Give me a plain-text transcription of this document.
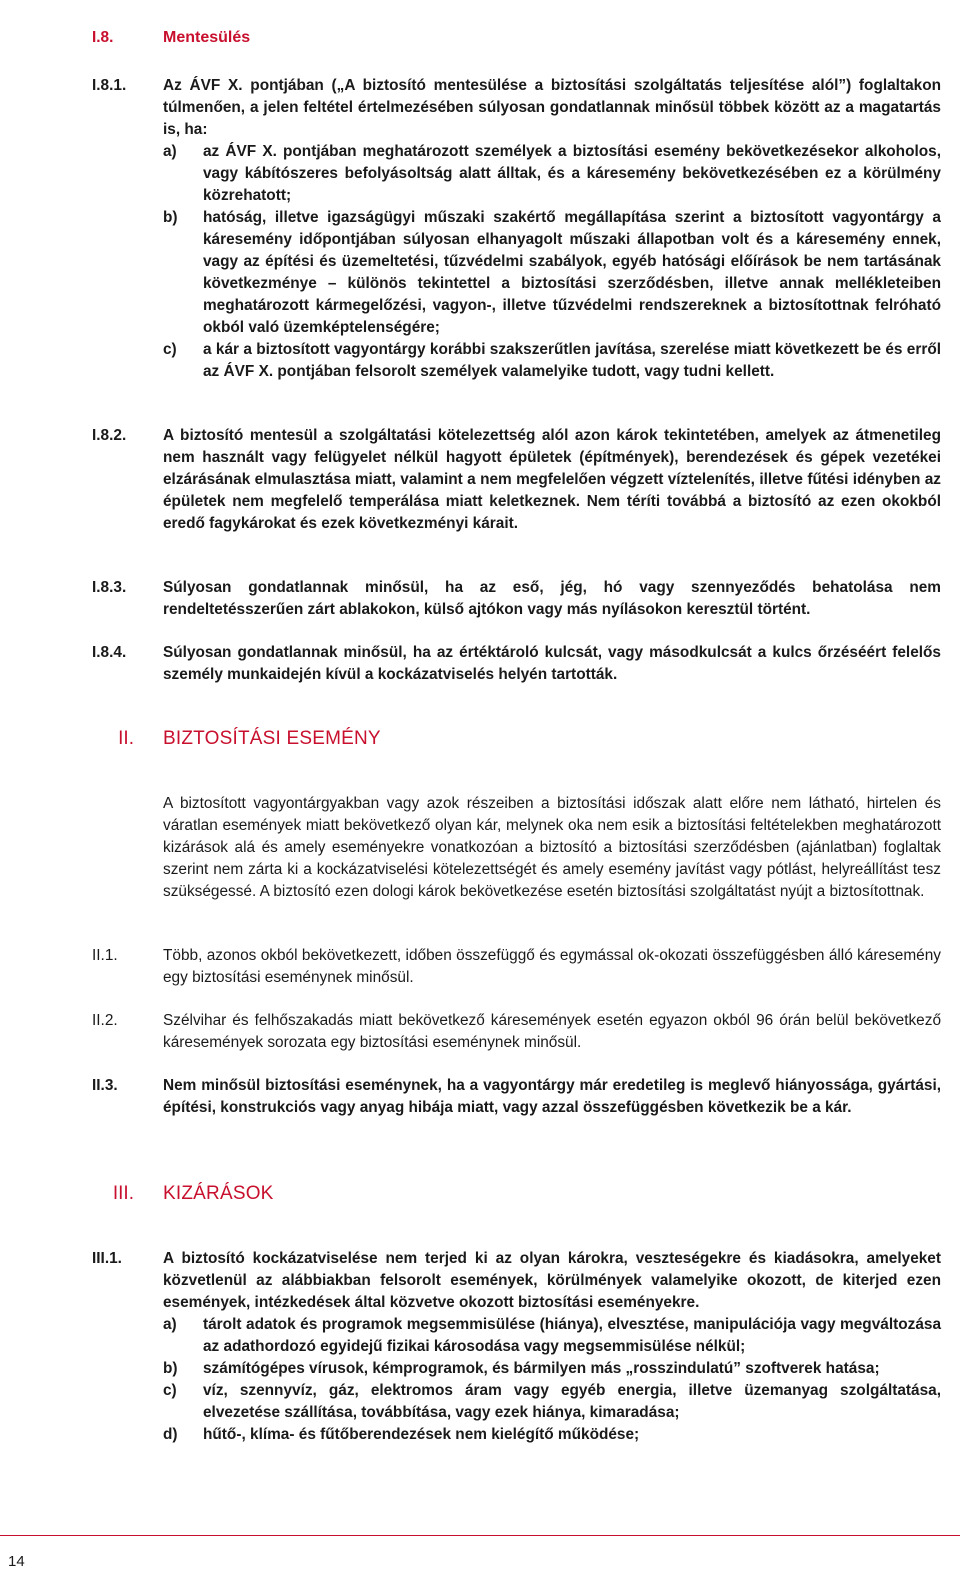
I.8.	Mentesülés
I.8.1.	Az ÁVF X. pontjában („A biztosító mentesülése a biztosítási szolgáltatás teljesítése alól”) foglaltakon túlmenően, a jelen feltétel értelmezésében súlyosan gondatlannak minősül többek között az a magatartás is, ha:
a) az ÁVF X. pontjában meghatározott személyek a biztosítási esemény bekövetkezésekor alkoholos, vagy kábítószeres befolyásoltság alatt álltak, és a káresemény bekövetkezésében ez a körülmény közrehatott;
b) hatóság, illetve igazságügyi műszaki szakértő megállapítása szerint a biztosított vagyontárgy a káresemény időpontjában súlyosan elhanyagolt műszaki állapotban volt és a káresemény ennek, vagy az építési és üzemeltetési, tűzvédelmi szabályok, egyéb hatósági előírások be nem tartásának következménye – különös tekintettel a biztosítási szerződésben, illetve annak mellékleteiben meghatározott kármegelőzési, vagyon-, illetve tűzvédelmi rendszereknek a biztosítottnak felróható okból való üzemképtelenségére;
c) a kár a biztosított vagyontárgy korábbi szakszerűtlen javítása, szerelése miatt következett be és erről az ÁVF X. pontjában felsorolt személyek valamelyike tudott, vagy tudni kellett.
I.8.2.	A biztosító mentesül a szolgáltatási kötelezettség alól azon károk tekintetében, amelyek az átmenetileg nem használt vagy felügyelet nélkül hagyott épületek (építmények), berendezések és gépek vezetékei elzárásának elmulasztása miatt, valamint a nem megfelelően végzett víztelenítés, illetve fűtési idényben az épületek nem megfelelő temperálása miatt keletkeznek. Nem téríti továbbá a biztosító az ezen okokból eredő fagykárokat és ezek következményi kárait.
I.8.3.	Súlyosan gondatlannak minősül, ha az eső, jég, hó vagy szennyeződés behatolása nem rendeltetésszerűen zárt ablakokon, külső ajtókon vagy más nyílásokon keresztül történt.
I.8.4.	Súlyosan gondatlannak minősül, ha az értéktároló kulcsát, vagy másodkulcsát a kulcs őrzéséért felelős személy munkaidején kívül a kockázatviselés helyén tartották.
II. BIZTOSÍTÁSI ESEMÉNY
A biztosított vagyontárgyakban vagy azok részeiben a biztosítási időszak alatt előre nem látható, hirtelen és váratlan események miatt bekövetkező olyan kár, melynek oka nem esik a biztosítási feltételekben meghatározott kizárások alá és amely eseményekre vonatkozóan a biztosító a biztosítási szerződésben (ajánlatban) foglaltak szerint nem zárta ki a kockázatviselési kötelezettségét és amely esemény javítást vagy pótlást, helyreállítást tesz szükségessé. A biztosító ezen dologi károk bekövetkezése esetén biztosítási szolgáltatást nyújt a biztosítottnak.
II.1.	Több, azonos okból bekövetkezett, időben összefüggő és egymással ok-okozati összefüggésben álló káresemény egy biztosítási eseménynek minősül.
II.2.	Szélvihar és felhőszakadás miatt bekövetkező káresemények esetén egyazon okból 96 órán belül bekövetkező káresemények sorozata egy biztosítási eseménynek minősül.
II.3.	Nem minősül biztosítási eseménynek, ha a vagyontárgy már eredetileg is meglevő hiányossága, gyártási, építési, konstrukciós vagy anyag hibája miatt, vagy azzal összefüggésben következik be a kár.
III. KIZÁRÁSOK
III.1.	A biztosító kockázatviselése nem terjed ki az olyan károkra, veszteségekre és kiadásokra, amelyeket közvetlenül az alábbiakban felsorolt események, körülmények valamelyike okozott, de kiterjed ezen események, intézkedések által közvetve okozott biztosítási eseményekre.
a) tárolt adatok és programok megsemmisülése (hiánya), elvesztése, manipulációja vagy megváltozása az adathordozó egyidejű fizikai károsodása vagy megsemmisülése nélkül;
b) számítógépes vírusok, kémprogramok, és bármilyen más „rosszindulatú” szoftverek hatása;
c) víz, szennyvíz, gáz, elektromos áram vagy egyéb energia, illetve üzemanyag szolgáltatása, elvezetése szállítása, továbbítása, vagy ezek hiánya, kimaradása;
d) hűtő-, klíma- és fűtőberendezések nem kielégítő működése;
14
